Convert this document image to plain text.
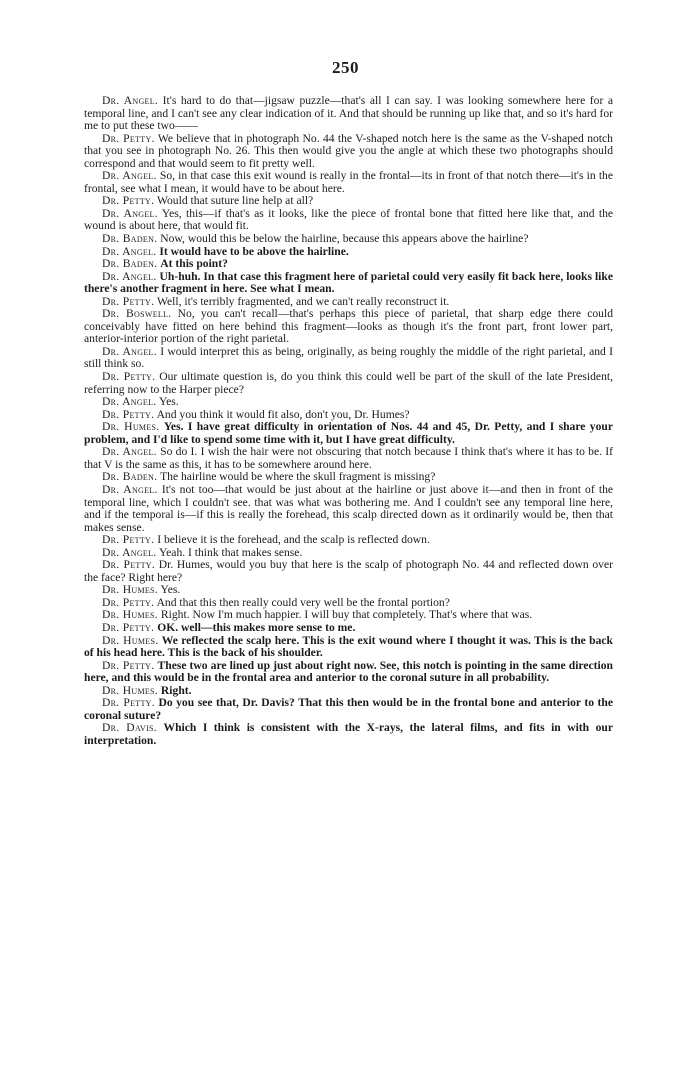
250

Dr. Angel. It's hard to do that—jigsaw puzzle—that's all I can say. I was looking somewhere here for a temporal line, and I can't see any clear indication of it. And that should be running up like that, and so it's hard for me to put these two——

Dr. Petty. We believe that in photograph No. 44 the V-shaped notch here is the same as the V-shaped notch that you see in photograph No. 26. This then would give you the angle at which these two photographs should correspond and that would seem to fit pretty well.

Dr. Angel. So, in that case this exit wound is really in the frontal—its in front of that notch there—it's in the frontal, see what I mean, it would have to be about here.

Dr. Petty. Would that suture line help at all?

Dr. Angel. Yes, this—if that's as it looks, like the piece of frontal bone that fitted here like that, and the wound is about here, that would fit.

Dr. Baden. Now, would this be below the hairline, because this appears above the hairline?

Dr. Angel. It would have to be above the hairline.

Dr. Baden. At this point?

Dr. Angel. Uh-huh. In that case this fragment here of parietal could very easily fit back here, looks like there's another fragment in here. See what I mean.

Dr. Petty. Well, it's terribly fragmented, and we can't really reconstruct it.

Dr. Boswell. No, you can't recall—that's perhaps this piece of parietal, that sharp edge there could conceivably have fitted on here behind this fragment—looks as though it's the front part, front lower part, anterior-interior portion of the right parietal.

Dr. Angel. I would interpret this as being, originally, as being roughly the middle of the right parietal, and I still think so.

Dr. Petty. Our ultimate question is, do you think this could well be part of the skull of the late President, referring now to the Harper piece?

Dr. Angel. Yes.

Dr. Petty. And you think it would fit also, don't you, Dr. Humes?

Dr. Humes. Yes. I have great difficulty in orientation of Nos. 44 and 45, Dr. Petty, and I share your problem, and I'd like to spend some time with it, but I have great difficulty.

Dr. Angel. So do I. I wish the hair were not obscuring that notch because I think that's where it has to be. If that V is the same as this, it has to be somewhere around here.

Dr. Baden. The hairline would be where the skull fragment is missing?

Dr. Angel. It's not too—that would be just about at the hairline or just above it—and then in front of the temporal line, which I couldn't see. that was what was bothering me. And I couldn't see any temporal line here, and if the temporal is—if this is really the forehead, this scalp directed down as it ordinarily would be, then that makes sense.

Dr. Petty. I believe it is the forehead, and the scalp is reflected down.

Dr. Angel. Yeah. I think that makes sense.

Dr. Petty. Dr. Humes, would you buy that here is the scalp of photograph No. 44 and reflected down over the face? Right here?

Dr. Humes. Yes.

Dr. Petty. And that this then really could very well be the frontal portion?

Dr. Humes. Right. Now I'm much happier. I will buy that completely. That's where that was.

Dr. Petty. OK. well—this makes more sense to me.

Dr. Humes. We reflected the scalp here. This is the exit wound where I thought it was. This is the back of his head here. This is the back of his shoulder.

Dr. Petty. These two are lined up just about right now. See, this notch is pointing in the same direction here, and this would be in the frontal area and anterior to the coronal suture in all probability.

Dr. Humes. Right.

Dr. Petty. Do you see that, Dr. Davis? That this then would be in the frontal bone and anterior to the coronal suture?

Dr. Davis. Which I think is consistent with the X-rays, the lateral films, and fits in with our interpretation.
